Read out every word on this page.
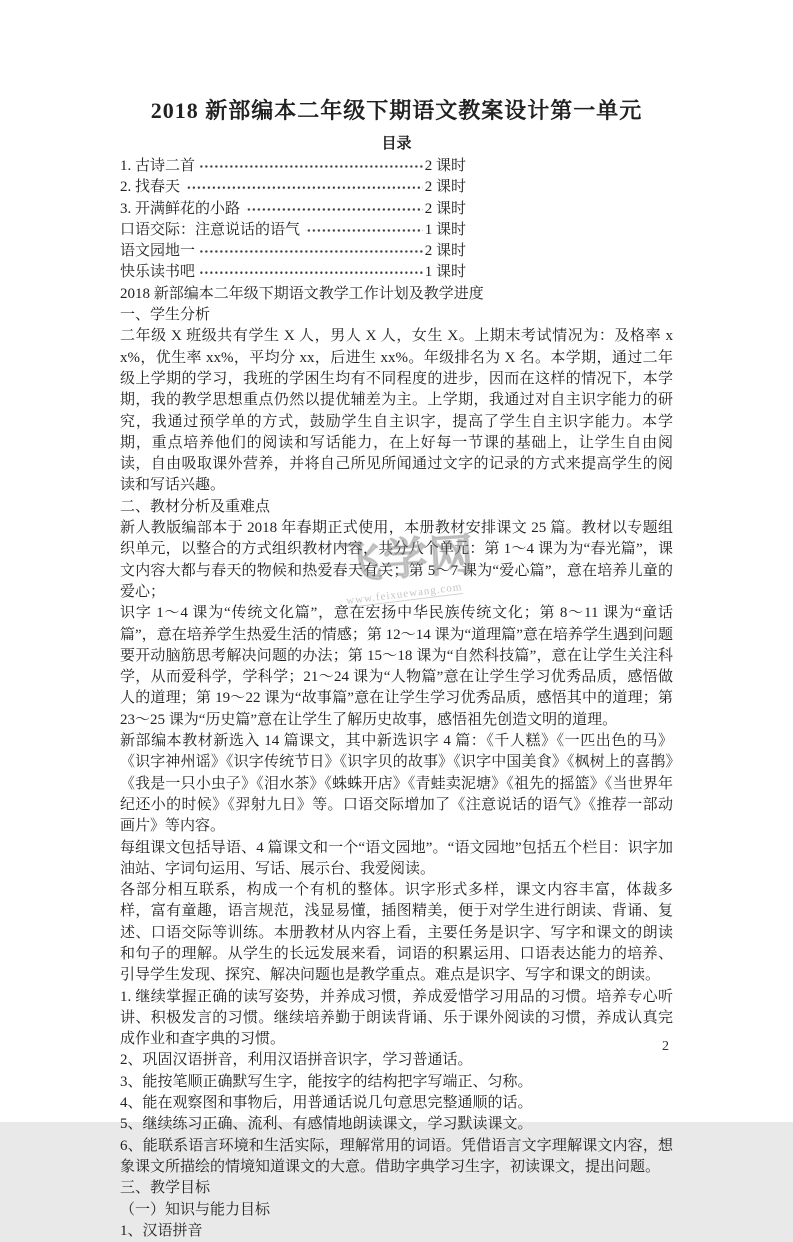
2018 新部编本二年级下期语文教案设计第一单元
目录
1. 古诗二首	2 课时
2. 找春天	2 课时
3. 开满鲜花的小路	2 课时
口语交际：注意说话的语气	1 课时
语文园地一	2 课时
快乐读书吧	1 课时

2018 新部编本二年级下期语文教学工作计划及教学进度

一、学生分析

二年级 X 班级共有学生 X 人，男人 X 人，女生 X。上期末考试情况为：及格率 xx%，优生率 xx%，平均分 xx，后进生 xx%。年级排名为 X 名。本学期，通过二年级上学期的学习，我班的学困生均有不同程度的进步，因而在这样的情况下，本学期，我的教学思想重点仍然以提优辅差为主。上学期，我通过对自主识字能力的研究，我通过预学单的方式，鼓励学生自主识字，提高了学生自主识字能力。本学期，重点培养他们的阅读和写话能力，在上好每一节课的基础上，让学生自由阅读，自由吸取课外营养，并将自己所见所闻通过文字的记录的方式来提高学生的阅读和写话兴趣。

二、教材分析及重难点

新人教版编部本于 2018 年春期正式使用，本册教材安排课文 25 篇。教材以专题组织单元，以整合的方式组织教材内容，共分八个单元：第 1～4 课为为“春光篇”，课文内容大都与春天的物候和热爱春天有关；第 5～7 课为“爱心篇”，意在培养儿童的爱心；

识字 1～4 课为“传统文化篇”，意在宏扬中华民族传统文化；第 8～11 课为“童话篇”，意在培养学生热爱生活的情感；第 12～14 课为“道理篇”意在培养学生遇到问题要开动脑筋思考解决问题的办法；第 15～18 课为“自然科技篇”，意在让学生关注科学，从而爱科学，学科学；21～24 课为“人物篇”意在让学生学习优秀品质，感悟做人的道理；第 19～22 课为“故事篇”意在让学生学习优秀品质，感悟其中的道理；第 23～25 课为“历史篇”意在让学生了解历史故事，感悟祖先创造文明的道理。

新部编本教材新选入 14 篇课文，其中新选识字 4 篇：《千人糕》《一匹出色的马》《识字神州谣》《识字传统节日》《识字贝的故事》《识字中国美食》《枫树上的喜鹊》《我是一只小虫子》《泪水茶》《蛛蛛开店》《青蛙卖泥塘》《祖先的摇篮》《当世界年纪还小的时候》《羿射九日》等。口语交际增加了《注意说话的语气》《推荐一部动画片》等内容。

每组课文包括导语、4 篇课文和一个“语文园地”。“语文园地”包括五个栏目：识字加油站、字词句运用、写话、展示台、我爱阅读。

各部分相互联系，构成一个有机的整体。识字形式多样，课文内容丰富，体裁多样，富有童趣，语言规范，浅显易懂，插图精美，便于对学生进行朗读、背诵、复述、口语交际等训练。本册教材从内容上看，主要任务是识字、写字和课文的朗读和句子的理解。从学生的长远发展来看，词语的积累运用、口语表达能力的培养、引导学生发现、探究、解决问题也是教学重点。难点是识字、写字和课文的朗读。

1. 继续掌握正确的读写姿势，并养成习惯，养成爱惜学习用品的习惯。培养专心听讲、积极发言的习惯。继续培养勤于朗读背诵、乐于课外阅读的习惯，养成认真完成作业和查字典的习惯。

2、巩固汉语拼音，利用汉语拼音识字，学习普通话。

3、能按笔顺正确默写生字，能按字的结构把字写端正、匀称。

4、能在观察图和事物后，用普通话说几句意思完整通顺的话。

5、继续练习正确、流利、有感情地朗读课文，学习默读课文。

6、能联系语言环境和生活实际，理解常用的词语。凭借语言文字理解课文内容，想象课文所描绘的情境知道课文的大意。借助字典学习生字，初读课文，提出问题。

三、教学目标

（一）知识与能力目标

1、汉语拼音

飞学网
www.feixuewang.com
2
